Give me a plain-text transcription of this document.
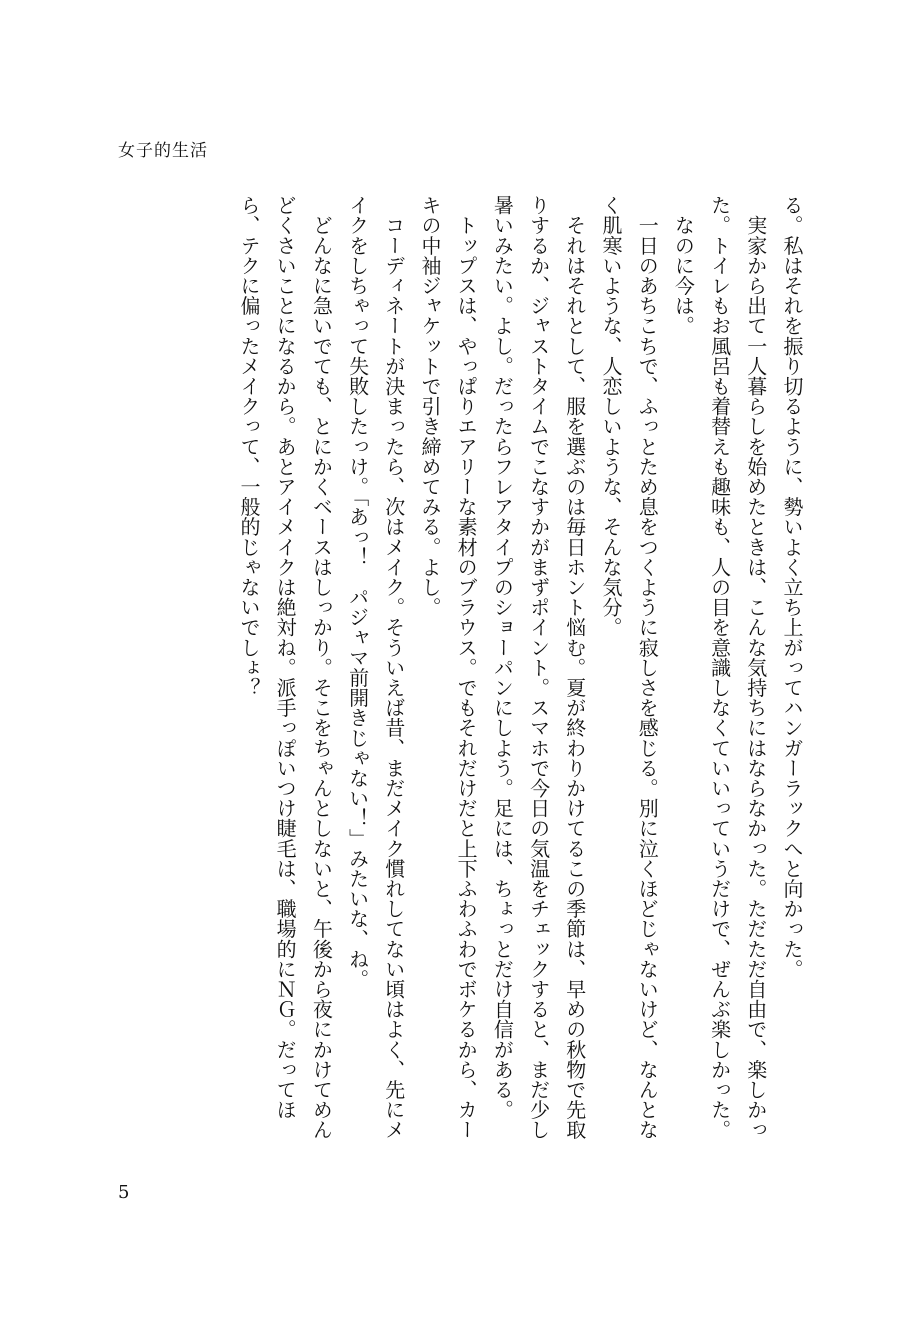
女子的生活

る。私はそれを振り切るように、勢いよく立ち上がってハンガーラックへと向かった。

　実家から出て一人暮らしを始めたときは、こんな気持ちにはならなかった。ただただ自由で、楽しかった。トイレもお風呂も着替えも趣味も、人の目を意識しなくていいっていうだけで、ぜんぶ楽しかった。

　なのに今は。

　一日のあちこちで、ふっとため息をつくように寂しさを感じる。別に泣くほどじゃないけど、なんとなく肌寒いような、人恋しいような、そんな気分。

　それはそれとして、服を選ぶのは毎日ホント悩む。夏が終わりかけてるこの季節は、早めの秋物で先取りするか、ジャストタイムでこなすかがまずポイント。スマホで今日の気温をチェックすると、まだ少し暑いみたい。よし。だったらフレアタイプのショーパンにしよう。足には、ちょっとだけ自信がある。

　トップスは、やっぱりエアリーな素材のブラウス。でもそれだけだと上下ふわふわでボケるから、カーキの中袖ジャケットで引き締めてみる。よし。

　コーディネートが決まったら、次はメイク。そういえば昔、まだメイク慣れしてない頃はよく、先にメイクをしちゃって失敗したっけ。「あっ！　パジャマ前開きじゃない！」みたいな、ね。

　どんなに急いでても、とにかくベースはしっかり。そこをちゃんとしないと、午後から夜にかけてめんどくさいことになるから。あとアイメイクは絶対ね。派手っぽいつけ睫毛は、職場的にＮＧ。だってほら、テクに偏ったメイクって、一般的じゃないでしょ？

5
